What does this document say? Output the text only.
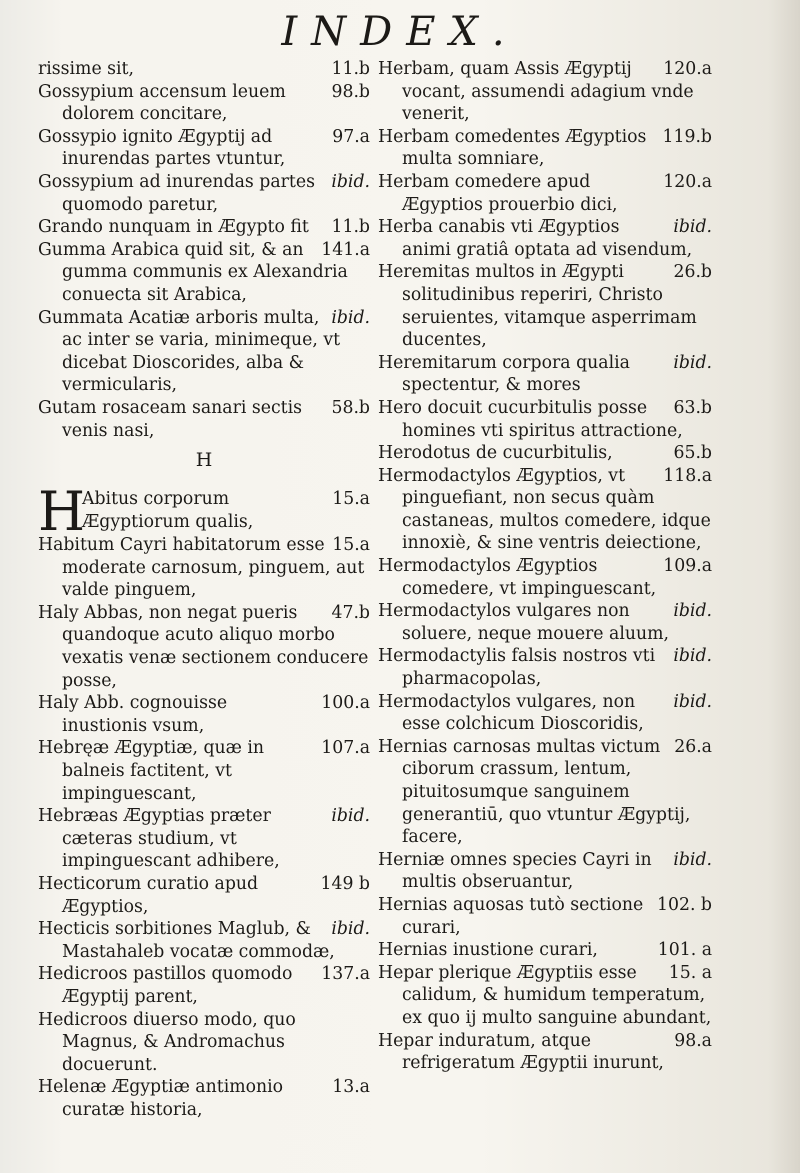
INDEX.
11.b
rissime sit,
98.b
Gossypium accensum leuem dolorem concitare,
97.a
Gossypio ignito Ægyptij ad inurendas partes vtuntur,
ibid.
Gossypium ad inurendas partes quomodo paretur,
11.b
Grando nunquam in Ægypto fit
141.a
Gumma Arabica quid sit, & an gumma communis ex Alexandria conuecta sit Arabica,
ibid.
Gummata Acatiæ arboris multa, ac inter se varia, minimeque, vt dicebat Dioscorides, alba & vermicularis,
58.b
Gutam rosaceam sanari sectis venis nasi,
H
H	15.a
Abitus corporum Ægyptiorum qualis,
15.a
Habitum Cayri habitatorum esse moderate carnosum, pinguem, aut valde pinguem,
47.b
Haly Abbas, non negat pueris quandoque acuto aliquo morbo vexatis venæ sectionem conducere posse,
100.a
Haly Abb. cognouisse inustionis vsum,
107.a
Hebręæ Ægyptiæ, quæ in balneis factitent, vt impinguescant,
ibid.
Hebræas Ægyptias præter cæteras studium, vt impinguescant adhibere,
149 b
Hecticorum curatio apud Ægyptios,
ibid.
Hecticis sorbitiones Maglub, & Mastahaleb vocatæ commodæ,
137.a
Hedicroos pastillos quomodo Ægyptij parent,
Hedicroos diuerso modo, quo Magnus, & Andromachus docuerunt.
13.a
Helenæ Ægyptiæ antimonio curatæ historia,
120.a
Herbam, quam Assis Ægyptij vocant, assumendi adagium vnde venerit,
119.b
Herbam comedentes Ægyptios multa somniare,
120.a
Herbam comedere apud Ægyptios prouerbio dici,
ibid.
Herba canabis vti Ægyptios animi gratiâ optata ad visendum,
26.b
Heremitas multos in Ægypti solitudinibus reperiri, Christo seruientes, vitamque asperrimam ducentes,
ibid.
Heremitarum corpora qualia spectentur, & mores
63.b
Hero docuit cucurbitulis posse homines vti spiritus attractione,
65.b
Herodotus de cucurbitulis,
118.a
Hermodactylos Ægyptios, vt pinguefiant, non secus quàm castaneas, multos comedere, idque innoxiè, & sine ventris deiectione,
109.a
Hermodactylos Ægyptios comedere, vt impinguescant,
ibid.
Hermodactylos vulgares non soluere, neque mouere aluum,
ibid.
Hermodactylis falsis nostros vti pharmacopolas,
ibid.
Hermodactylos vulgares, non esse colchicum Dioscoridis,
26.a
Hernias carnosas multas victum ciborum crassum, lentum, pituitosumque sanguinem generantiū, quo vtuntur Ægyptij, facere,
ibid.
Herniæ omnes species Cayri in multis obseruantur,
102. b
Hernias aquosas tutò sectione curari,
101. a
Hernias inustione curari,
15. a
Hepar plerique Ægyptiis esse calidum, & humidum temperatum, ex quo ij multo sanguine abundant,
98.a
Hepar induratum, atque refrigeratum Ægyptii inurunt,
